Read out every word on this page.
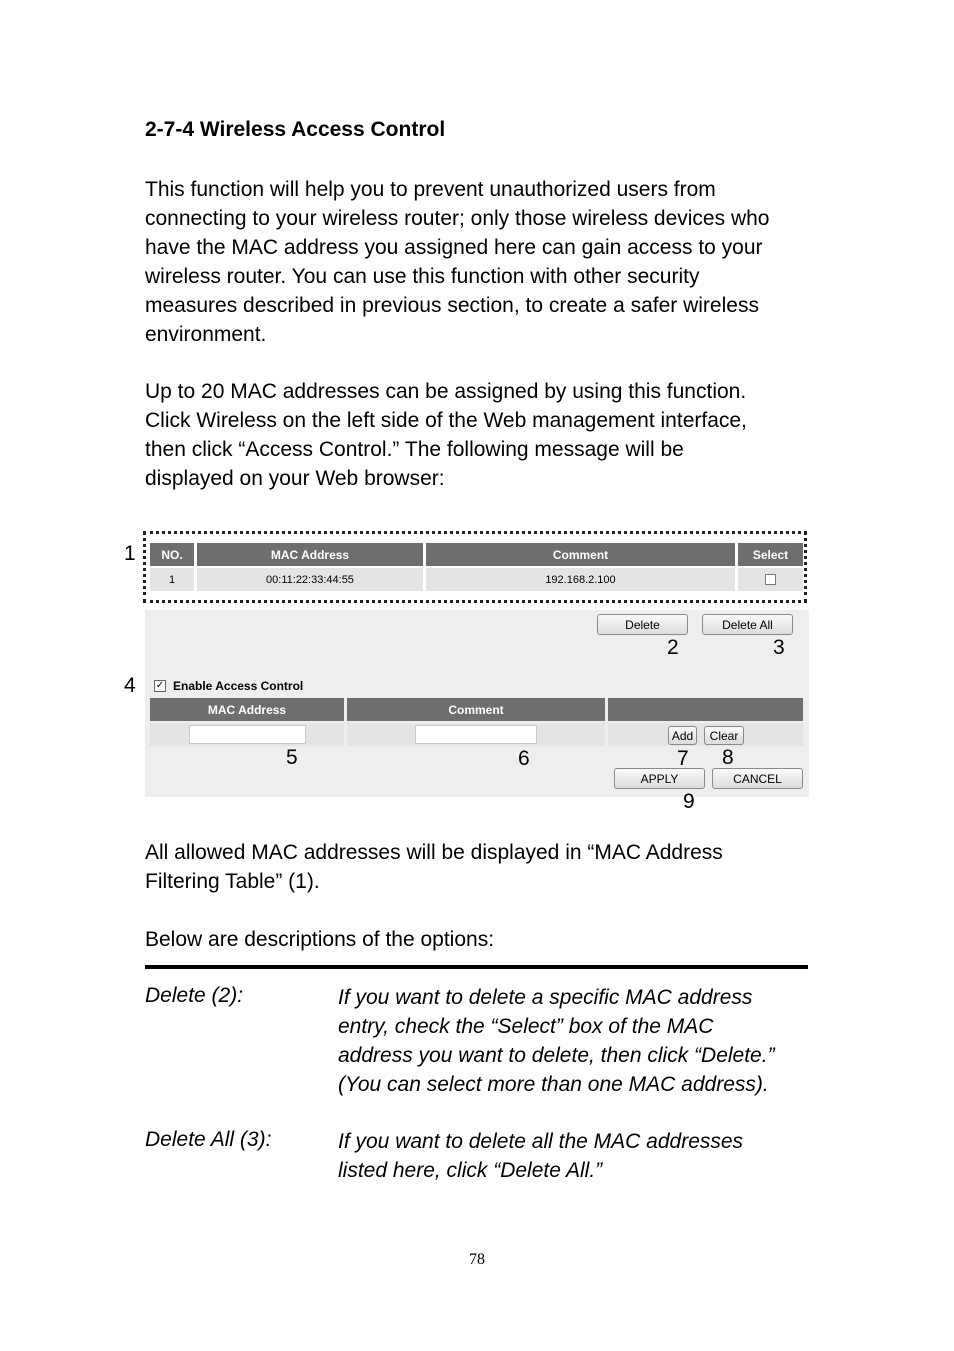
2-7-4 Wireless Access Control
This function will help you to prevent unauthorized users from
connecting to your wireless router; only those wireless devices who
have the MAC address you assigned here can gain access to your
wireless router. You can use this function with other security
measures described in previous section, to create a safer wireless
environment.
Up to 20 MAC addresses can be assigned by using this function.
Click Wireless on the left side of the Web management interface,
then click “Access Control.” The following message will be
displayed on your Web browser:
NO.	MAC Address	Comment	Select
1	00:11:22:33:44:55	192.168.2.100
Delete	Delete All
✓ Enable Access Control
MAC Address	Comment
Add	Clear
APPLY	CANCEL
1
2	3
4
5	6	7 8
9
All allowed MAC addresses will be displayed in “MAC Address
Filtering Table” (1).
Below are descriptions of the options:
Delete (2):	If you want to delete a specific MAC address
entry, check the “Select” box of the MAC
address you want to delete, then click “Delete.”
(You can select more than one MAC address).
Delete All (3):	If you want to delete all the MAC addresses
listed here, click “Delete All.”
78
